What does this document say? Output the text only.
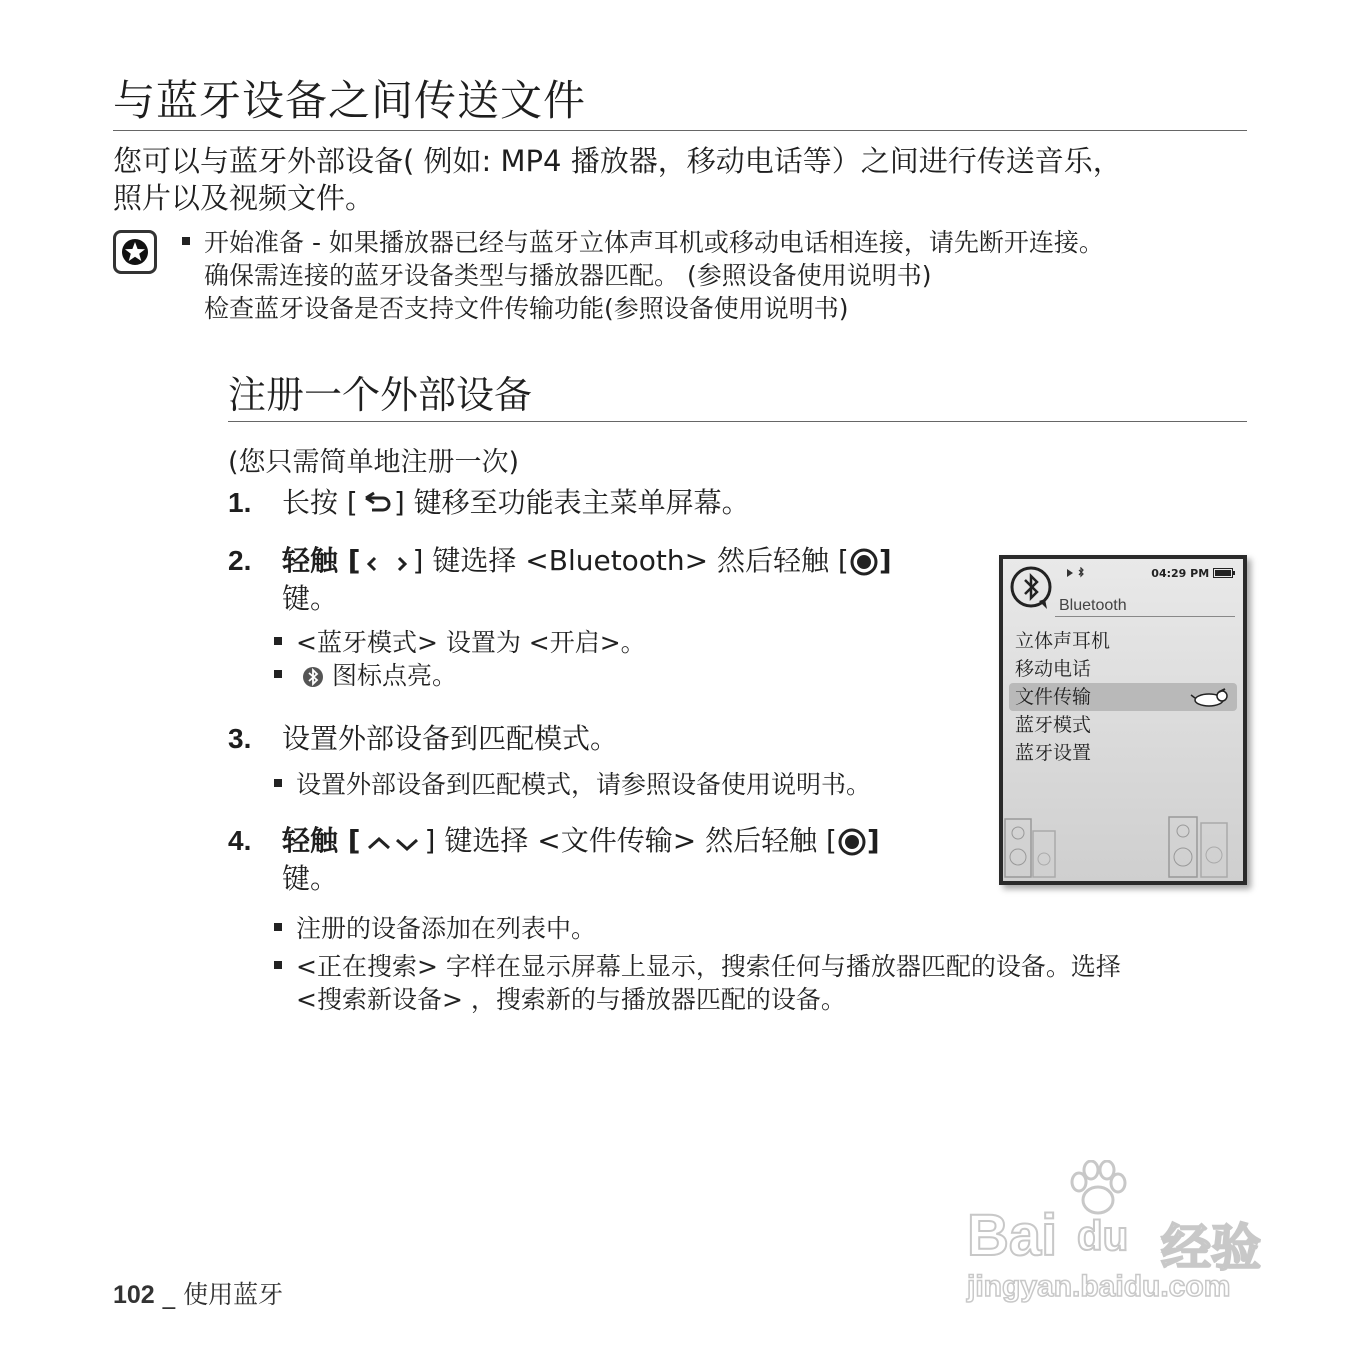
与蓝牙设备之间传送文件
您可以与蓝牙外部设备( 例如: MP4 播放器，移动电话等）之间进行传送音乐，
照片以及视频文件。
开始准备 - 如果播放器已经与蓝牙立体声耳机或移动电话相连接，请先断开连接。
确保需连接的蓝牙设备类型与播放器匹配。 (参照设备使用说明书)
检查蓝牙设备是否支持文件传输功能(参照设备使用说明书)
注册一个外部设备
(您只需简单地注册一次)
1. 长按 [ ] 键移至功能表主菜单屏幕。
2. 轻触 [ ] 键选择 <Bluetooth> 然后轻触 [ ]
键。
<蓝牙模式> 设置为 <开启>。
图标点亮。
3. 设置外部设备到匹配模式。
设置外部设备到匹配模式，请参照设备使用说明书。
4. 轻触 [ ] 键选择 <文件传输> 然后轻触 [ ]
键。
注册的设备添加在列表中。
<正在搜索> 字样在显示屏幕上显示，搜索任何与播放器匹配的设备。选择
<搜索新设备> ，搜索新的与播放器匹配的设备。
04:29 PM
Bluetooth
立体声耳机
移动电话
文件传输
蓝牙模式
蓝牙设置
102 _ 使用蓝牙
Bai du 经验
jingyan.baidu.com
